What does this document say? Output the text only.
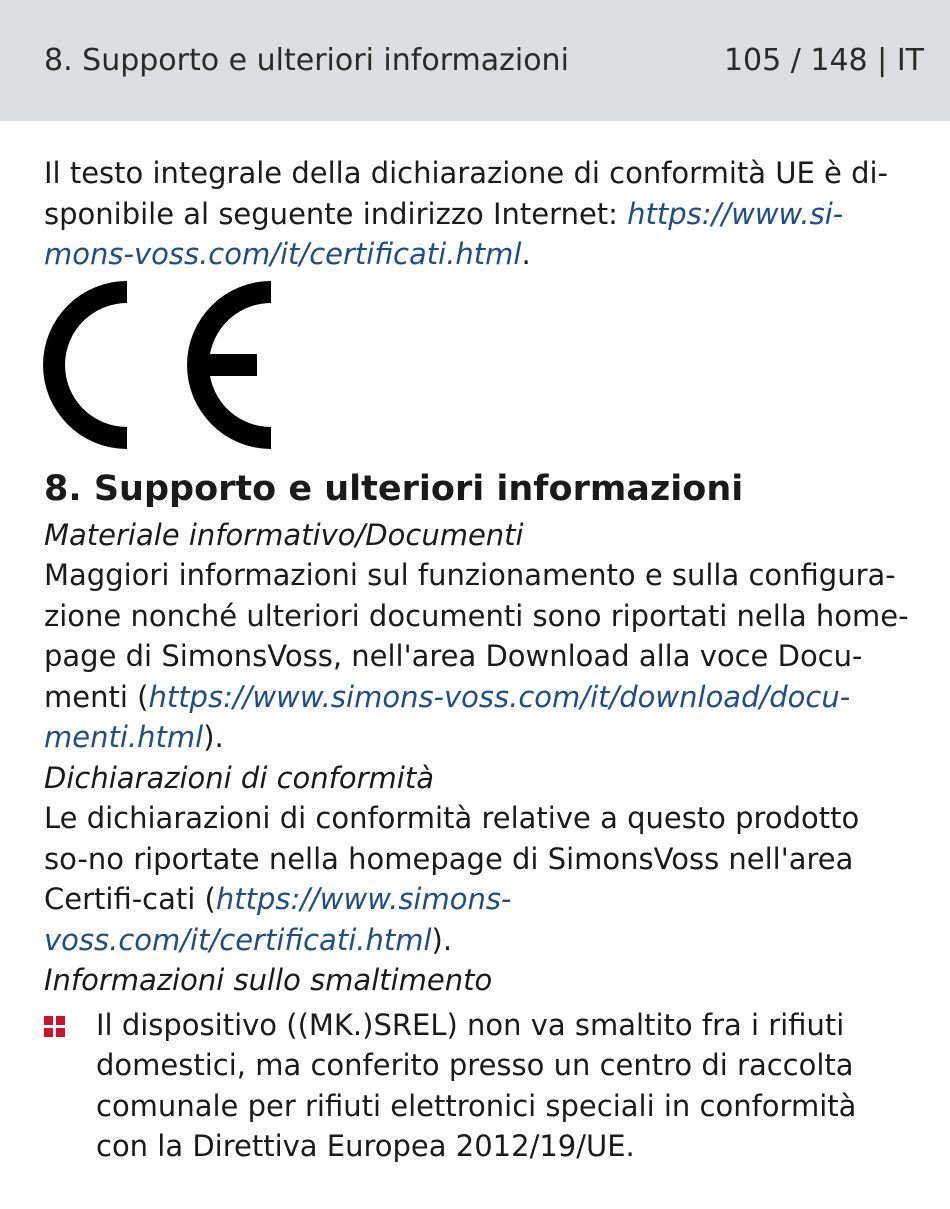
8. Supporto e ulteriori informazioni	105 / 148 | IT

Il testo integrale della dichiarazione di conformità UE è di-sponibile al seguente indirizzo Internet: https://www.si-mons-voss.com/it/certificati.html.

8. Supporto e ulteriori informazioni
Materiale informativo/Documenti

Maggiori informazioni sul funzionamento e sulla configura-zione nonché ulteriori documenti sono riportati nella home-page di SimonsVoss, nell'area Download alla voce Docu-menti (https://www.simons-voss.com/it/download/docu-menti.html).

Dichiarazioni di conformità

Le dichiarazioni di conformità relative a questo prodotto so-no riportate nella homepage di SimonsVoss nell'area Certifi-cati (https://www.simons-voss.com/it/certificati.html).

Informazioni sullo smaltimento

Il dispositivo ((MK.)SREL) non va smaltito fra i rifiuti domestici, ma conferito presso un centro di raccolta comunale per rifiuti elettronici speciali in conformità con la Direttiva Europea 2012/19/UE.
